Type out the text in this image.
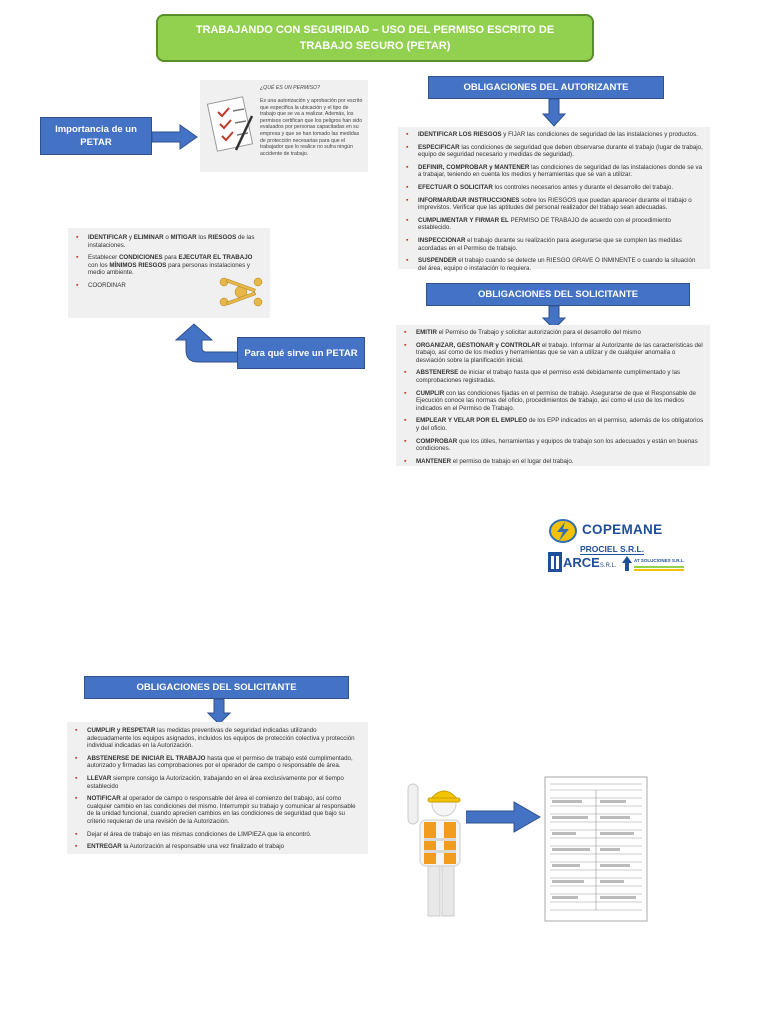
TRABAJANDO CON SEGURIDAD – USO DEL PERMISO ESCRITO DE TRABAJO SEGURO (PETAR)
Importancia de un PETAR
¿QUÉ ES UN PERMISO?
Es una autorización y aprobación por escrito que especifica la ubicación y el tipo de trabajo que se va a realizar. Además, los permisos certifican que los peligros han sido evaluados por personas capacitadas en su empresa y que se han tomado las medidas de protección necesarias para que el trabajador que lo realice no sufra ningún accidente de trabajo.
▪ IDENTIFICAR y ELIMINAR o MITIGAR los RIESGOS de las instalaciones.
▪ Establecer CONDICIONES para EJECUTAR EL TRABAJO con los MÍNIMOS RIESGOS para personas instalaciones y medio ambiente.
▪ COORDINAR
Para qué sirve un PETAR
OBLIGACIONES DEL AUTORIZANTE
▪ IDENTIFICAR LOS RIESGOS y FIJAR las condiciones de seguridad de las instalaciones y productos.
▪ ESPECIFICAR las condiciones de seguridad que deben observarse durante el trabajo (lugar de trabajo, equipo de seguridad necesario y medidas de seguridad).
▪ DEFINIR, COMPROBAR y MANTENER las condiciones de seguridad de las instalaciones donde se va a trabajar, teniendo en cuenta los medios y herramientas que se van a utilizar.
▪ EFECTUAR O SOLICITAR los controles necesarios antes y durante el desarrollo del trabajo.
▪ INFORMAR/DAR INSTRUCCIONES sobre los RIESGOS que puedan aparecer durante el trabajo o imprevistos. Verificar que las aptitudes del personal realizador del trabajo sean adecuadas.
▪ CUMPLIMENTAR Y FIRMAR EL PERMISO DE TRABAJO de acuerdo con el procedimiento establecido.
▪ INSPECCIONAR el trabajo durante su realización para asegurarse que se cumplen las medidas acordadas en el Permiso de trabajo.
▪ SUSPENDER el trabajo cuando se detecte un RIESGO GRAVE O INMINENTE o cuando la situación del área, equipo o instalación lo requiera.
OBLIGACIONES DEL SOLICITANTE
▪ EMITIR el Permiso de Trabajo y solicitar autorización para el desarrollo del mismo
▪ ORGANIZAR, GESTIONAR y CONTROLAR el trabajo. Informar al Autorizante de las características del trabajo, así como de los medios y herramientas que se van a utilizar y de cualquier anomalía o desviación sobre la planificación inicial.
▪ ABSTENERSE de iniciar el trabajo hasta que el permiso esté debidamente cumplimentado y las comprobaciones registradas.
▪ CUMPLIR con las condiciones fijadas en el permiso de trabajo. Asegurarse de que el Responsable de Ejecución conoce las normas del oficio, procedimientos de trabajo, así como el uso de los medios indicados en el Permiso de Trabajo.
▪ EMPLEAR Y VELAR POR EL EMPLEO de los EPP indicados en el permiso, además de los obligatorios y del oficio.
▪ COMPROBAR que los útiles, herramientas y equipos de trabajo son los adecuados y están en buenas condiciones.
▪ MANTENER el permiso de trabajo en el lugar del trabajo.
COPEMANE
PROCIEL S.R.L.
ARCES.R.L.
AT SOLUCIONES S.R.L.
OBLIGACIONES DEL SOLICITANTE
▪ CUMPLIR y RESPETAR las medidas preventivas de seguridad indicadas utilizando adecuadamente los equipos asignados, incluidos los equipos de protección colectiva y protección individual indicadas en la Autorización.
▪ ABSTENERSE DE INICIAR EL TRABAJO hasta que el permiso de trabajo esté cumplimentado, autorizado y firmadas las comprobaciones por el operador de campo o responsable de área.
▪ LLEVAR siempre consigo la Autorización, trabajando en el área exclusivamente por el tiempo establecido
▪ NOTIFICAR al operador de campo o responsable del área el comienzo del trabajo, así como cualquier cambio en las condiciones del mismo. Interrumpir su trabajo y comunicar al responsable de la unidad funcional, cuando aprecien cambios en las condiciones de seguridad que bajo su criterio requieran de una revisión de la Autorización.
▪ Dejar el área de trabajo en las mismas condiciones de LIMPIEZA que la encontró.
▪ ENTREGAR la Autorización al responsable una vez finalizado el trabajo
